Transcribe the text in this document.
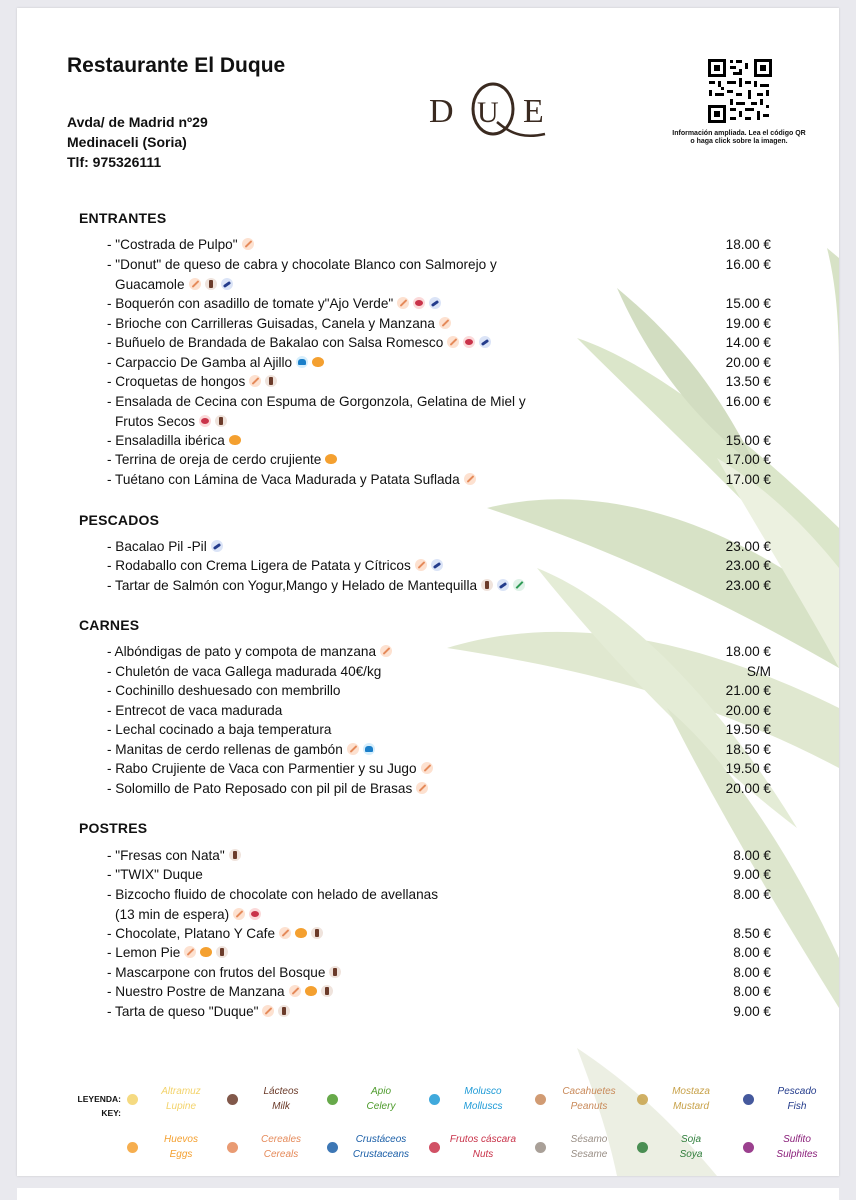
Restaurante El Duque
Avda/ de Madrid nº29
Medinaceli (Soria)
Tlf: 975326111
D E
U
Información ampliada. Lea el código QR o haga click sobre la imagen.
ENTRANTES
- "Costrada de Pulpo"	18.00 €
- "Donut" de queso de cabra y chocolate Blanco con Salmorejo y
Guacamole
16.00 €
- Boquerón con asadillo de tomate y"Ajo Verde"	15.00 €
- Brioche con Carrilleras Guisadas, Canela y Manzana	19.00 €
- Buñuelo de Brandada de Bakalao con Salsa Romesco	14.00 €
- Carpaccio De Gamba al Ajillo	20.00 €
- Croquetas de hongos	13.50 €
- Ensalada de Cecina con Espuma de Gorgonzola, Gelatina de Miel y
Frutos Secos
16.00 €
- Ensaladilla ibérica	15.00 €
- Terrina de oreja de cerdo crujiente	17.00 €
- Tuétano con Lámina de Vaca Madurada y Patata Suflada	17.00 €
PESCADOS
- Bacalao Pil -Pil	23.00 €
- Rodaballo con Crema Ligera de Patata y Cítricos	23.00 €
- Tartar de Salmón con Yogur,Mango y Helado de Mantequilla	23.00 €
CARNES
- Albóndigas de pato y compota de manzana	18.00 €
- Chuletón de vaca Gallega madurada 40€/kg	S/M
- Cochinillo deshuesado con membrillo	21.00 €
- Entrecot de vaca madurada	20.00 €
- Lechal cocinado a baja temperatura	19.50 €
- Manitas de cerdo rellenas de gambón	18.50 €
- Rabo Crujiente de Vaca con Parmentier y su Jugo	19.50 €
- Solomillo de Pato Reposado con pil pil de Brasas	20.00 €
POSTRES
- "Fresas con Nata"	8.00 €
- "TWIX" Duque	9.00 €
- Bizcocho fluido de chocolate con helado de avellanas
(13 min de espera)
8.00 €
- Chocolate, Platano Y Cafe	8.50 €
- Lemon Pie	8.00 €
- Mascarpone con frutos del Bosque	8.00 €
- Nuestro Postre de Manzana	8.00 €
- Tarta de queso "Duque"	9.00 €
LEYENDA:
KEY:
Altramuz
Lupine
Lácteos
Milk
Apio
Celery
Molusco
Molluscs
Cacahuetes
Peanuts
Mostaza
Mustard
Pescado
Fish
Huevos
Eggs
Cereales
Cereals
Crustáceos
Crustaceans
Frutos cáscara
Nuts
Sésamo
Sesame
Soja
Soya
Sulfito
Sulphites
